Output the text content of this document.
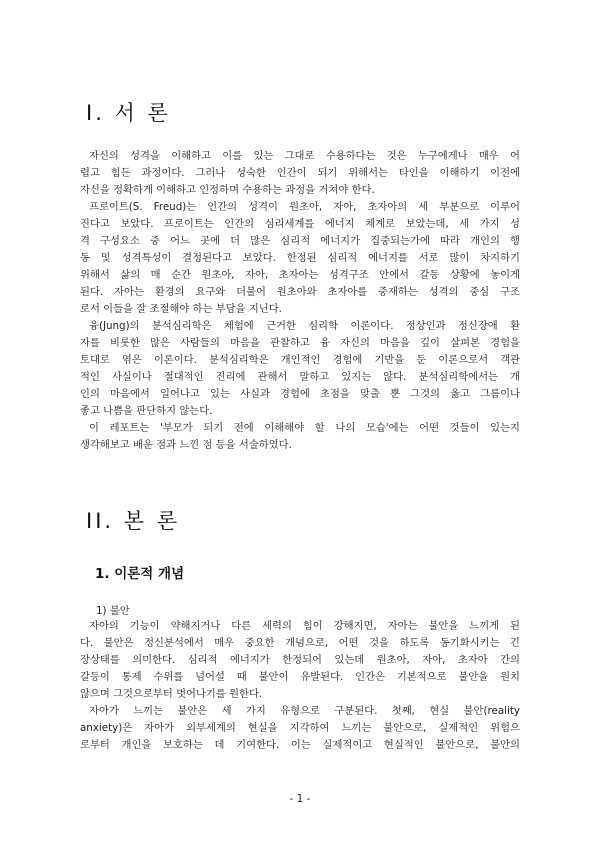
I. 서 론
자신의 성격을 이해하고 이를 있는 그대로 수용하다는 것은 누구에게나 매우 어
렵고 힘든 과정이다. 그러나 성숙한 인간이 되기 위해서는 타인을 이해하기 이전에
자신을 정확하게 이해하고 인정하며 수용하는 과정을 거쳐야 한다.
프로이트(S. Freud)는 인간의 성격이 원초아, 자아, 초자아의 세 부분으로 이루어
진다고 보았다. 프로이트는 인간의 심리세계를 에너지 체계로 보았는데, 세 가지 성
격 구성요소 중 어느 곳에 더 많은 심리적 에너지가 집중되는가에 따라 개인의 행
동 및 성격특성이 결정된다고 보았다. 한정된 심리적 에너지를 서로 많이 차지하기
위해서 삶의 매 순간 원초아, 자아, 초자아는 성격구조 안에서 갈등 상황에 놓이게
된다. 자아는 환경의 요구와 더불어 원초아와 초자아를 중재하는 성격의 중심 구조
로서 이들을 잘 조절해야 하는 부담을 지닌다.
융(Jung)의 분석심리학은 체험에 근거한 심리학 이론이다. 정상인과 정신장애 환
자를 비롯한 많은 사람들의 마음을 관찰하고 융 자신의 마음을 깊이 살펴본 경험을
토대로 엮은 이론이다. 분석심리학은 개인적인 경험에 기반을 둔 이론으로서 객관
적인 사실이나 절대적인 진리에 관해서 말하고 있지는 않다. 분석심리학에서는 개
인의 마음에서 일어나고 있는 사실과 경험에 초점을 맞출 뿐 그것의 옳고 그름이나
좋고 나쁨을 판단하지 않는다.
이 레포트는 '부모가 되기 전에 이해해야 할 나의 모습'에는 어떤 것들이 있는지
생각해보고 배운 점과 느낀 점 등을 서술하였다.
II. 본 론
1. 이론적 개념

1) 불안

자아의 기능이 약해지거나 다른 세력의 힘이 강해지면, 자아는 불안을 느끼게 된
다. 불안은 정신분석에서 매우 중요한 개념으로, 어떤 것을 하도록 동기화시키는 긴
장상태를 의미한다. 심리적 에너지가 한정되어 있는데 원초아, 자아, 초자아 간의
갈등이 통제 수위를 넘어설 때 불안이 유발된다. 인간은 기본적으로 불안을 원치
않으며 그것으로부터 벗어나기를 원한다.
자아가 느끼는 불안은 세 가지 유형으로 구분된다. 첫째, 현실 불안(reality
anxiety)은 자아가 외부세계의 현실을 지각하여 느끼는 불안으로, 실제적인 위험으
로부터 개인을 보호하는 데 기여한다. 이는 실제적이고 현실적인 불안으로, 불안의
- 1 -
